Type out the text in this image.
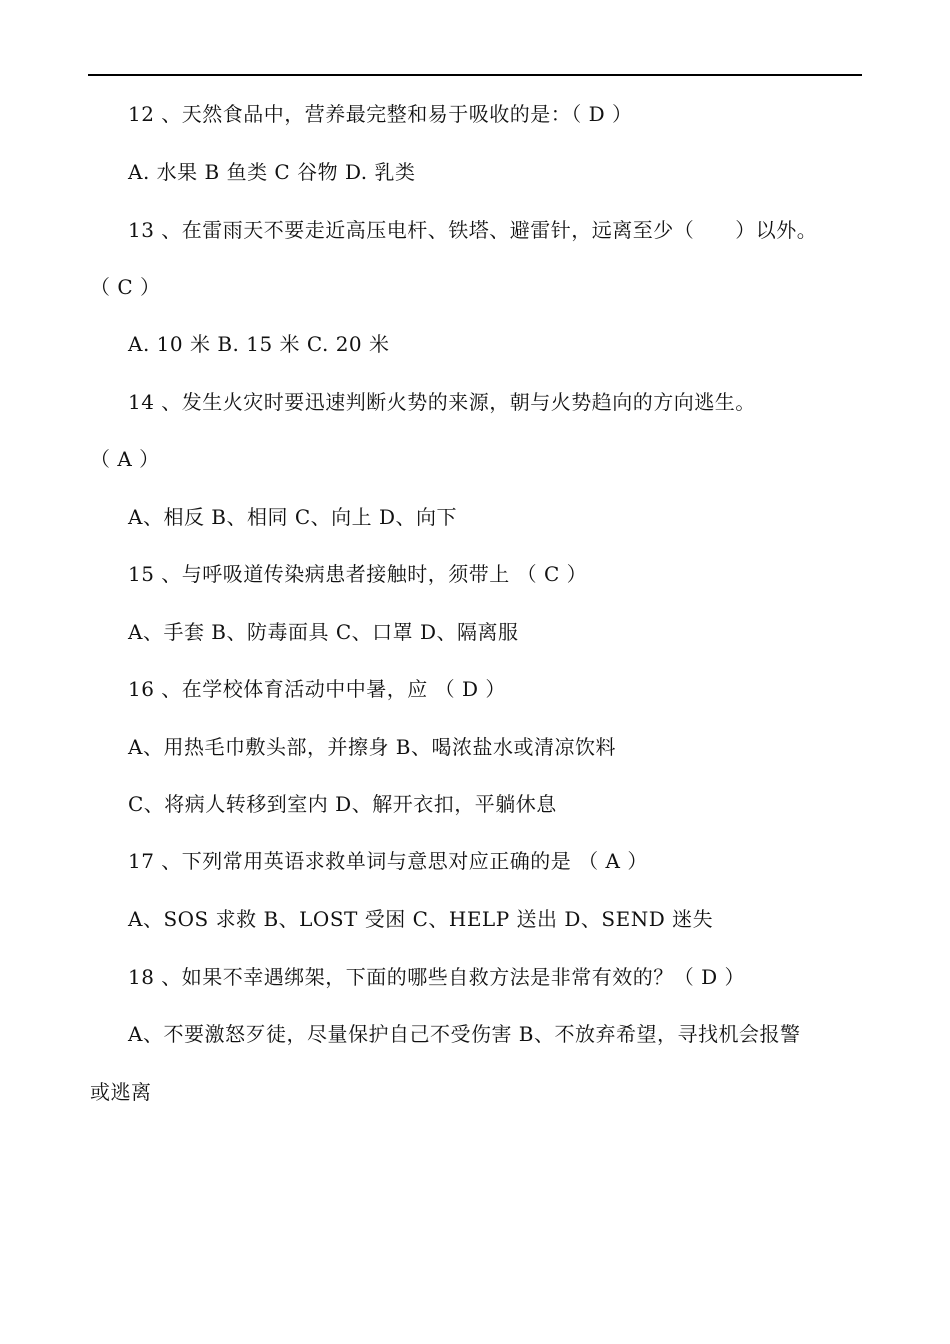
12 、天然食品中，营养最完整和易于吸收的是：（ D ）
A. 水果 B 鱼类 C 谷物 D. 乳类
13 、在雷雨天不要走近高压电杆、铁塔、避雷针，远离至少（　　）以外。
（ C ）
A. 10 米 B. 15 米 C. 20 米
14 、发生火灾时要迅速判断火势的来源，朝与火势趋向的方向逃生。
（ A ）
A、相反 B、相同 C、向上 D、向下
15 、与呼吸道传染病患者接触时，须带上 （ C ）
A、手套 B、防毒面具 C、口罩 D、隔离服
16 、在学校体育活动中中暑，应 （ D ）
A、用热毛巾敷头部，并擦身 B、喝浓盐水或清凉饮料
C、将病人转移到室内 D、解开衣扣，平躺休息
17 、下列常用英语求救单词与意思对应正确的是 （ A ）
A、SOS 求救 B、LOST 受困 C、HELP 送出 D、SEND 迷失
18 、如果不幸遇绑架，下面的哪些自救方法是非常有效的？（ D ）
A、不要激怒歹徒，尽量保护自己不受伤害 B、不放弃希望，寻找机会报警
或逃离
